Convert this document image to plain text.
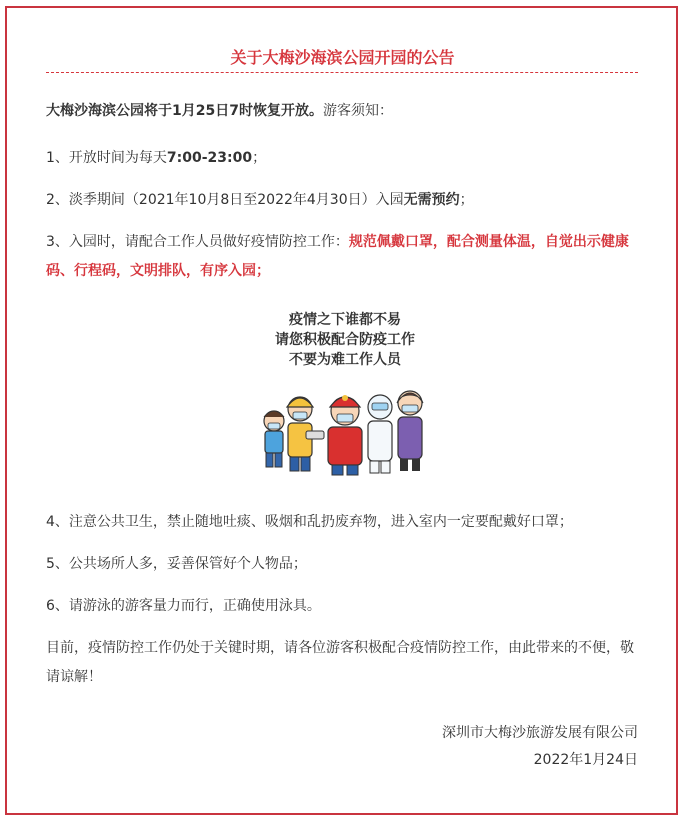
关于大梅沙海滨公园开园的公告
大梅沙海滨公园将于1月25日7时恢复开放。游客须知：
1、开放时间为每天7:00-23:00；
2、淡季期间（2021年10月8日至2022年4月30日）入园无需预约；
3、入园时，请配合工作人员做好疫情防控工作：规范佩戴口罩，配合测量体温，自觉出示健康码、行程码，文明排队，有序入园；
疫情之下谁都不易
请您积极配合防疫工作
不要为难工作人员
4、注意公共卫生，禁止随地吐痰、吸烟和乱扔废弃物，进入室内一定要配戴好口罩；
5、公共场所人多，妥善保管好个人物品；
6、请游泳的游客量力而行，正确使用泳具。
目前，疫情防控工作仍处于关键时期，请各位游客积极配合疫情防控工作，由此带来的不便，敬请谅解！
深圳市大梅沙旅游发展有限公司
2022年1月24日
